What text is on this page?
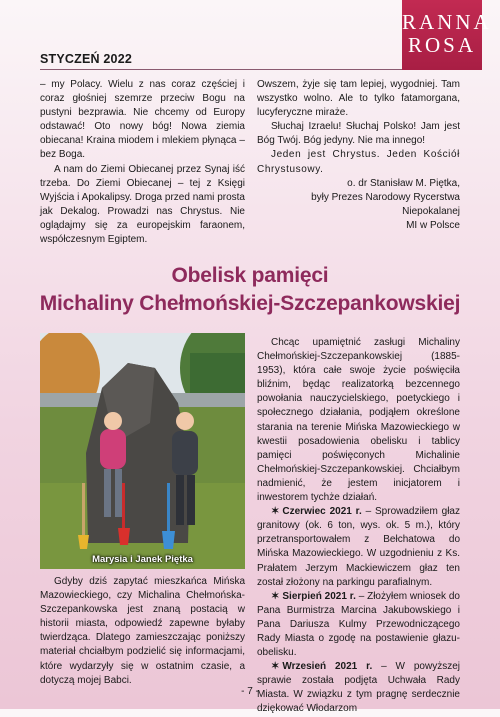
STYCZEŃ 2022
RANNA
ROSA

– my Polacy. Wielu z nas coraz częściej i coraz głośniej szemrze przeciw Bogu na pustyni bezprawia. Nie chcemy od Europy odstawać! Oto nowy bóg! Nowa ziemia obiecana! Kraina miodem i mlekiem płynąca – bez Boga.

A nam do Ziemi Obiecanej przez Synaj iść trzeba. Do Ziemi Obiecanej – tej z Księgi Wyjścia i Apokalipsy. Droga przed nami prosta jak Dekalog. Prowadzi nas Chrystus. Nie oglądajmy się za europejskim faraonem, współczesnym Egiptem.

Owszem, żyje się tam lepiej, wygodniej. Tam wszystko wolno. Ale to tylko fatamorgana, lucyferyczne miraże.

Słuchaj Izraelu! Słuchaj Polsko! Jam jest Bóg Twój. Bóg jedyny. Nie ma innego!

Jeden jest Chrystus. Jeden Kościół Chrystusowy.

o. dr Stanisław M. Piętka,
były Prezes Narodowy Rycerstwa Niepokalanej
MI w Polsce
Obelisk pamięci
Michaliny Chełmońskiej-Szczepankowskiej
Marysia i Janek Piętka

Gdyby dziś zapytać mieszkańca Mińska Mazowieckiego, czy Michalina Chełmońska-Szczepankowska jest znaną postacią w historii miasta, odpowiedź zapewne byłaby twierdząca. Dlatego zamieszczając poniższy materiał chciałbym podzielić się informacjami, które wydarzyły się w ostatnim czasie, a dotyczą mojej Babci.

Chcąc upamiętnić zasługi Michaliny Chełmońskiej-Szczepankowskiej (1885-1953), która całe swoje życie poświęciła bliźnim, będąc realizatorką bezcennego powołania nauczycielskiego, poetyckiego i społecznego działania, podjąłem określone starania na terenie Mińska Mazowieckiego w kwestii posadowienia obelisku i tablicy pamięci poświęconych Michalinie Chełmońskiej-Szczepankowskiej. Chciałbym nadmienić, że jestem inicjatorem i inwestorem tychże działań.

✶ Czerwiec 2021 r. – Sprowadziłem głaz granitowy (ok. 6 ton, wys. ok. 5 m.), który przetransportowałem z Bełchatowa do Mińska Mazowieckiego. W uzgodnieniu z Ks. Prałatem Jerzym Mackiewiczem głaz ten został złożony na parkingu parafialnym.

✶ Sierpień 2021 r. – Złożyłem wniosek do Pana Burmistrza Marcina Jakubowskiego i Pana Dariusza Kulmy Przewodniczącego Rady Miasta o zgodę na postawienie głazu-obelisku.

✶ Wrzesień 2021 r. – W powyższej sprawie została podjęta Uchwała Rady Miasta. W związku z tym pragnę serdecznie dziękować Włodarzom

- 7 -
